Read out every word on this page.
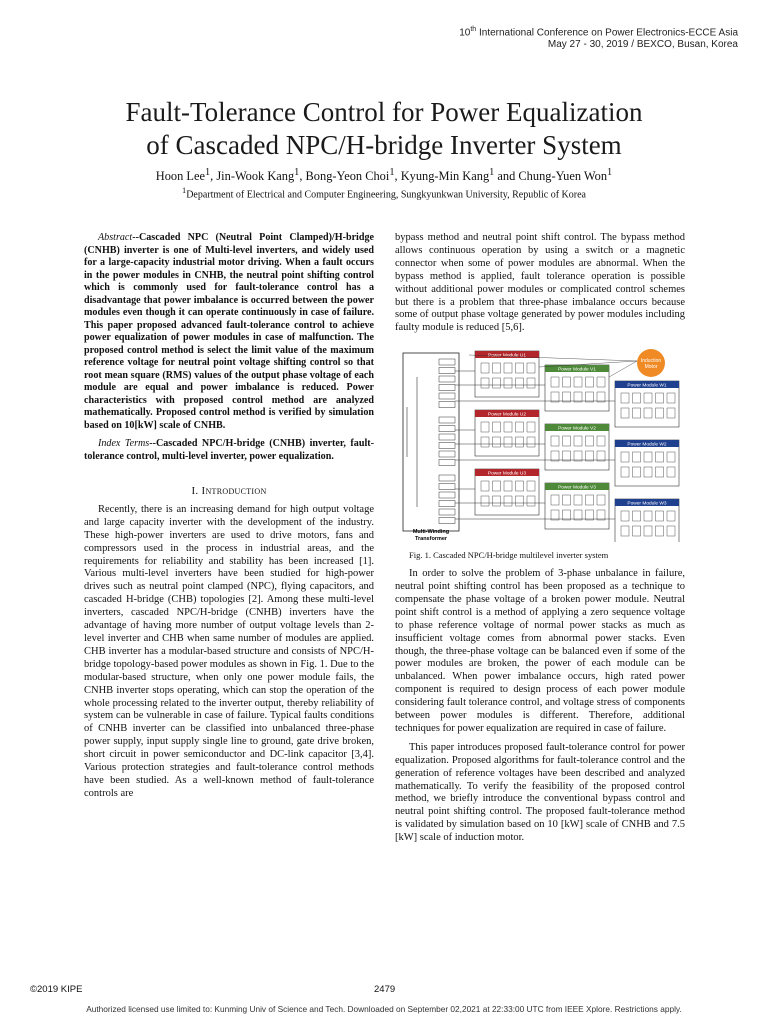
10th International Conference on Power Electronics-ECCE Asia
May 27 - 30, 2019 / BEXCO, Busan, Korea
Fault-Tolerance Control for Power Equalization
of Cascaded NPC/H-bridge Inverter System
Hoon Lee$^1$, Jin-Wook Kang$^1$, Bong-Yeon Choi$^1$, Kyung-Min Kang$^1$ and Chung-Yuen Won$^1$
$^1$Department of Electrical and Computer Engineering, Sungkyunkwan University, Republic of Korea

Abstract--Cascaded NPC (Neutral Point Clamped)/H-bridge (CNHB) inverter is one of Multi-level inverters, and widely used for a large-capacity industrial motor driving. When a fault occurs in the power modules in CNHB, the neutral point shifting control which is commonly used for fault-tolerance control has a disadvantage that power imbalance is occurred between the power modules even though it can operate continuously in case of failure. This paper proposed advanced fault-tolerance control to achieve power equalization of power modules in case of malfunction. The proposed control method is select the limit value of the maximum reference voltage for neutral point voltage shifting control so that root mean square (RMS) values of the output phase voltage of each module are equal and power imbalance is reduced. Power characteristics with proposed control method are analyzed mathematically. Proposed control method is verified by simulation based on 10[kW] scale of CNHB.

Index Terms--Cascaded NPC/H-bridge (CNHB) inverter, fault-tolerance control, multi-level inverter, power equalization.

I. Introduction

Recently, there is an increasing demand for high output voltage and large capacity inverter with the development of the industry. These high-power inverters are used to drive motors, fans and compressors used in the process in industrial areas, and the requirements for reliability and stability has been increased [1]. Various multi-level inverters have been studied for high-power drives such as neutral point clamped (NPC), flying capacitors, and cascaded H-bridge (CHB) topologies [2]. Among these multi-level inverters, cascaded NPC/H-bridge (CNHB) inverters have the advantage of having more number of output voltage levels than 2-level inverter and CHB when same number of modules are applied. CHB inverter has a modular-based structure and consists of NPC/H-bridge topology-based power modules as shown in Fig. 1. Due to the modular-based structure, when only one power module fails, the CNHB inverter stops operating, which can stop the operation of the whole processing related to the inverter output, thereby reliability of system can be vulnerable in case of failure. Typical faults conditions of CNHB inverter can be classified into unbalanced three-phase power supply, input supply single line to ground, gate drive broken, short circuit in power semiconductor and DC-link capacitor [3,4]. Various protection strategies and fault-tolerance control methods have been studied. As a well-known method of fault-tolerance controls are

bypass method and neutral point shift control. The bypass method allows continuous operation by using a switch or a magnetic connector when some of power modules are abnormal. When the bypass method is applied, fault tolerance operation is possible without additional power modules or complicated control schemes but there is a problem that three-phase imbalance occurs because some of output phase voltage generated by power modules including faulty module is reduced [5,6].

Multi-Winding
Transformer
Power Module U1
Power Module U2
Power Module U3
Power Module V1
Power Module V2
Power Module V3
Power Module W1
Power Module W2
Power Module W3
Induction
Motor

Fig. 1. Cascaded NPC/H-bridge multilevel inverter system

In order to solve the problem of 3-phase unbalance in failure, neutral point shifting control has been proposed as a technique to compensate the phase voltage of a broken power module. Neutral point shift control is a method of applying a zero sequence voltage to phase reference voltage of normal power stacks as much as insufficient voltage comes from abnormal power stacks. Even though, the three-phase voltage can be balanced even if some of the power modules are broken, the power of each module can be unbalanced. When power imbalance occurs, high rated power component is required to design process of each power module considering fault tolerance control, and voltage stress of components between power modules is different. Therefore, additional techniques for power equalization are required in case of failure.

This paper introduces proposed fault-tolerance control for power equalization. Proposed algorithms for fault-tolerance control and the generation of reference voltages have been described and analyzed mathematically. To verify the feasibility of the proposed control method, we briefly introduce the conventional bypass control and neutral point shifting control. The proposed fault-tolerance method is validated by simulation based on 10 [kW] scale of CNHB and 7.5 [kW] scale of induction motor.

©2019 KIPE	2479
Authorized licensed use limited to: Kunming Univ of Science and Tech. Downloaded on September 02,2021 at 22:33:00 UTC from IEEE Xplore. Restrictions apply.
